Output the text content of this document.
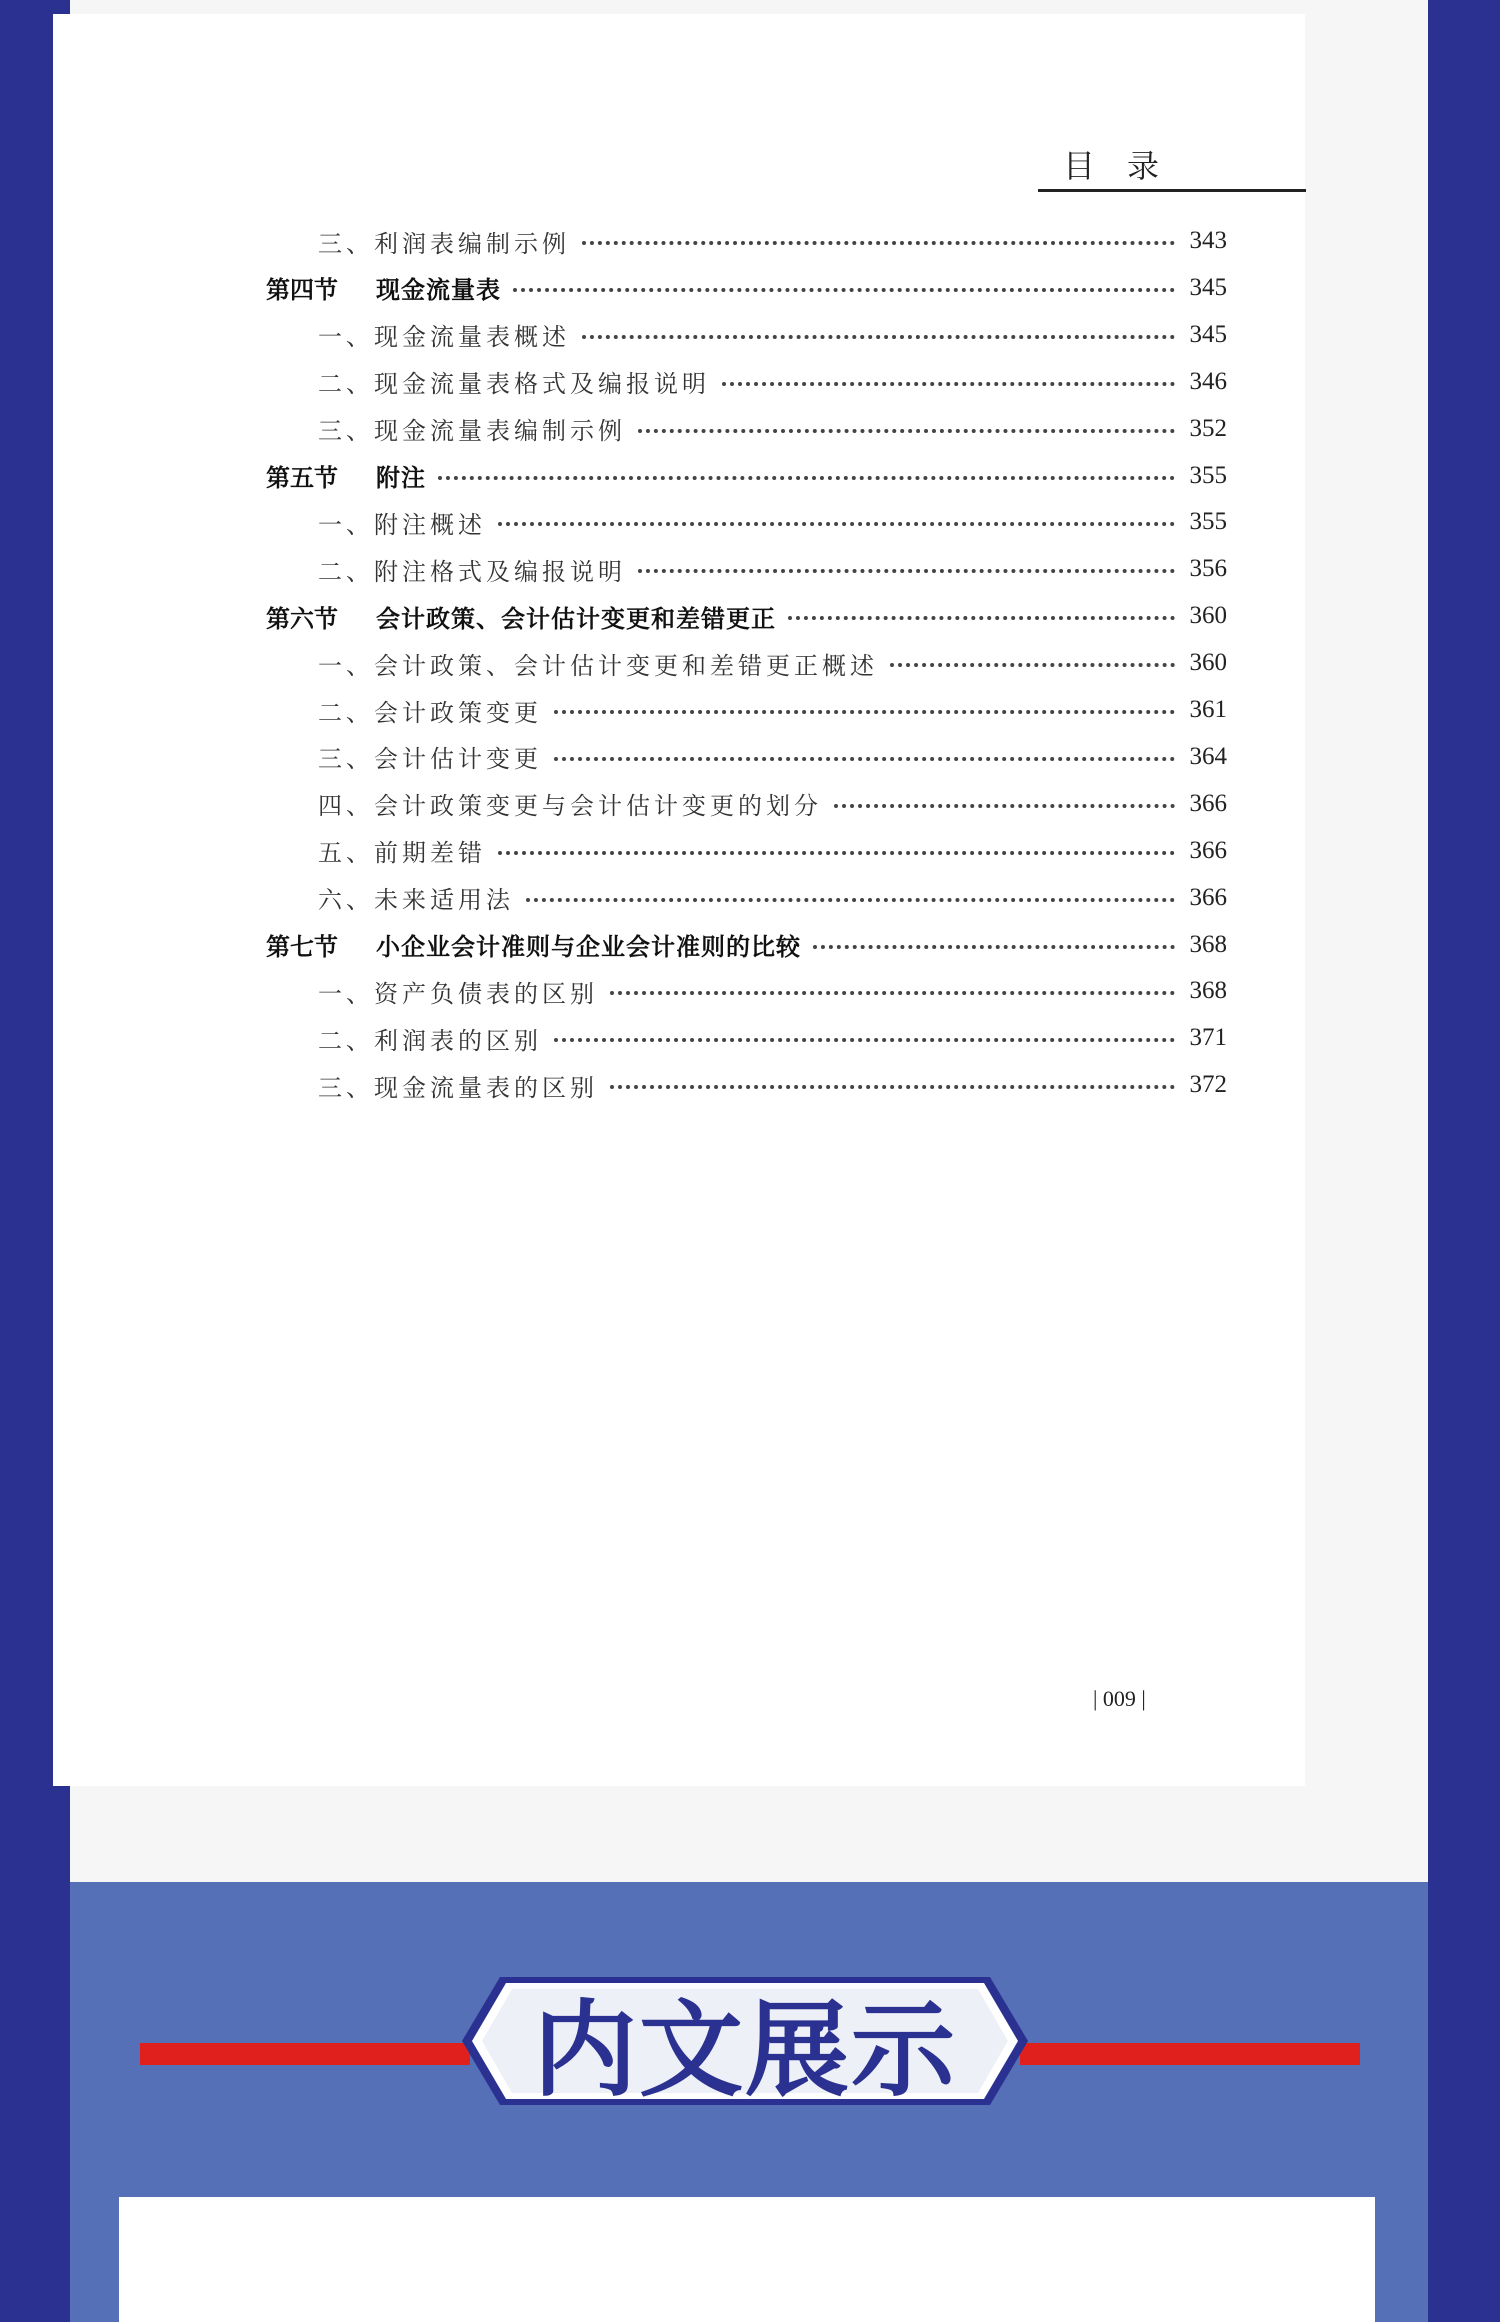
目　录
三、利润表编制示例	343
第四节	现金流量表	345
一、现金流量表概述	345
二、现金流量表格式及编报说明	346
三、现金流量表编制示例	352
第五节	附注	355
一、附注概述	355
二、附注格式及编报说明	356
第六节	会计政策、会计估计变更和差错更正	360
一、会计政策、会计估计变更和差错更正概述	360
二、会计政策变更	361
三、会计估计变更	364
四、会计政策变更与会计估计变更的划分	366
五、前期差错	366
六、未来适用法	366
第七节	小企业会计准则与企业会计准则的比较	368
一、资产负债表的区别	368
二、利润表的区别	371
三、现金流量表的区别	372
| 009 |
内文展示
